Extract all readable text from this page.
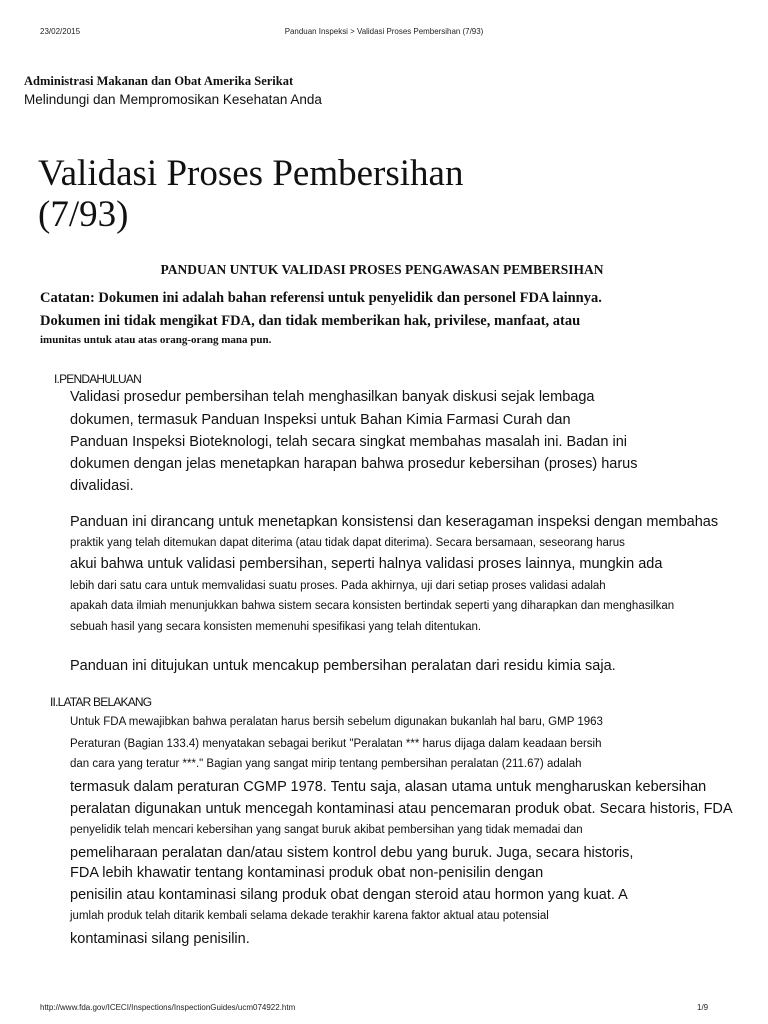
23/02/2015	Panduan Inspeksi > Validasi Proses Pembersihan (7/93)
Administrasi Makanan dan Obat Amerika Serikat
Melindungi dan Mempromosikan Kesehatan Anda
Validasi Proses Pembersihan
(7/93)
PANDUAN UNTUK VALIDASI PROSES PENGAWASAN PEMBERSIHAN
Catatan: Dokumen ini adalah bahan referensi untuk penyelidik dan personel FDA lainnya.
Dokumen ini tidak mengikat FDA, dan tidak memberikan hak, privilese, manfaat, atau
imunitas untuk atau atas orang-orang mana pun.
I.PENDAHULUAN
Validasi prosedur pembersihan telah menghasilkan banyak diskusi sejak lembaga
dokumen, termasuk Panduan Inspeksi untuk Bahan Kimia Farmasi Curah dan
Panduan Inspeksi Bioteknologi, telah secara singkat membahas masalah ini. Badan ini
dokumen dengan jelas menetapkan harapan bahwa prosedur kebersihan (proses) harus
divalidasi.
Panduan ini dirancang untuk menetapkan konsistensi dan keseragaman inspeksi dengan membahas
praktik yang telah ditemukan dapat diterima (atau tidak dapat diterima). Secara bersamaan, seseorang harus
akui bahwa untuk validasi pembersihan, seperti halnya validasi proses lainnya, mungkin ada
lebih dari satu cara untuk memvalidasi suatu proses. Pada akhirnya, uji dari setiap proses validasi adalah
apakah data ilmiah menunjukkan bahwa sistem secara konsisten bertindak seperti yang diharapkan dan menghasilkan
sebuah hasil yang secara konsisten memenuhi spesifikasi yang telah ditentukan.
Panduan ini ditujukan untuk mencakup pembersihan peralatan dari residu kimia saja.
II.LATAR BELAKANG
Untuk FDA mewajibkan bahwa peralatan harus bersih sebelum digunakan bukanlah hal baru, GMP 1963
Peraturan (Bagian 133.4) menyatakan sebagai berikut "Peralatan *** harus dijaga dalam keadaan bersih
dan cara yang teratur ***." Bagian yang sangat mirip tentang pembersihan peralatan (211.67) adalah
termasuk dalam peraturan CGMP 1978. Tentu saja, alasan utama untuk mengharuskan kebersihan
peralatan digunakan untuk mencegah kontaminasi atau pencemaran produk obat. Secara historis, FDA
penyelidik telah mencari kebersihan yang sangat buruk akibat pembersihan yang tidak memadai dan
pemeliharaan peralatan dan/atau sistem kontrol debu yang buruk. Juga, secara historis,
FDA lebih khawatir tentang kontaminasi produk obat non-penisilin dengan
penisilin atau kontaminasi silang produk obat dengan steroid atau hormon yang kuat. A
jumlah produk telah ditarik kembali selama dekade terakhir karena faktor aktual atau potensial
kontaminasi silang penisilin.
http://www.fda.gov/ICECI/Inspections/InspectionGuides/ucm074922.htm	1/9
